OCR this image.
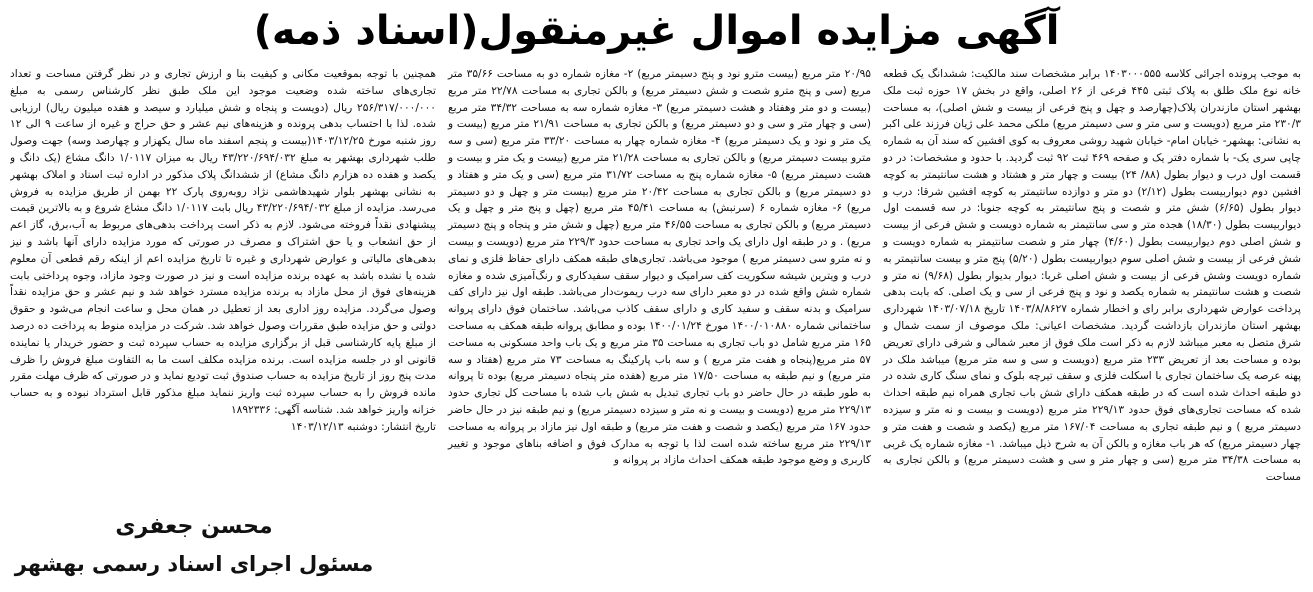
آگهی مزایده اموال غیرمنقول(اسناد ذمه)

به موجب پرونده اجرائی کلاسه ۱۴۰۳۰۰۰۵۵۵ برابر مشخصات سند مالکیت: ششدانگ یک قطعه خانه نوع ملک طلق به پلاک ثبتی ۴۴۵ فرعی از ۲۶ اصلی، واقع در بخش ۱۷ حوزه ثبت ملک بهشهر استان مازندران پلاک(چهارصد و چهل و پنج فرعی از بیست و شش اصلی)، به مساحت ۲۳۰/۳ متر مربع (دویست و سی متر و سی دسیمتر مربع) ملکی محمد علی ژیان فرزند علی اکبر به نشانی: بهشهر- خیابان امام- خیابان شهید روشی معروف به کوی افشین که سند آن به شماره چاپی سری یک- با شماره دفتر یک و صفحه ۴۶۹ ثبت ۹۲ ثبت گردید. با حدود و مشخصات: در دو قسمت اول درب و دیوار بطول (۸۸/ ۲۴) بیست و چهار متر و هشتاد و هشت سانتیمتر به کوچه افشین دوم دیواربیست بطول (۲/۱۲) دو متر و دوازده سانتیمتر به کوچه افشین شرقا: درب و دیوار بطول (۶/۶۵) شش متر و شصت و پنج سانتیمتر به کوچه جنوبا: در سه قسمت اول دیواربیست بطول (۱۸/۳۰) هجده متر و سی سانتیمتر به شماره دویست و شش فرعی از بیست و شش اصلی دوم دیواربیست بطول (۴/۶۰) چهار متر و شصت سانتیمتر به شماره دویست و شش فرعی از بیست و شش اصلی سوم دیواربیست بطول (۵/۲۰) پنج متر و بیست سانتیمتر به شماره دویست وشش فرعی از بیست و شش اصلی غربا: دیوار بدیوار بطول (۹/۶۸) نه متر و شصت و هشت سانتیمتر به شماره یکصد و نود و پنج فرعی از سی و یک اصلی. که بابت بدهی پرداخت عوارض شهرداری برابر رای و اخطار شماره ۱۴۰۳/۸/۸۶۲۷ تاریخ ۱۴۰۳/۰۷/۱۸ شهرداری بهشهر استان مازندران بازداشت گردید. مشخصات اعیانی: ملک موصوف از سمت شمال و شرق متصل به معبر میباشد لازم به ذکر است ملک فوق از معبر شمالی و شرقی دارای تعریض بوده و مساحت بعد از تعریض ۲۳۳ متر مربع (دویست و سی و سه متر مربع) میباشد ملک در پهنه عرصه یک ساختمان تجاری با اسکلت فلزی و سقف تیرچه بلوک و نمای سنگ کاری شده در دو طبقه احداث شده است که در طبقه همکف دارای شش باب تجاری همراه نیم طبقه احداث شده که مساحت تجاری‌های فوق حدود ۲۲۹/۱۳ متر مربع (دویست و بیست و نه متر و سیزده دسیمتر مربع ) و نیم طبقه تجاری به مساحت ۱۶۷/۰۴ متر مربع (یکصد و شصت و هفت متر و چهار دسیمتر مربع) که هر باب مغازه و بالکن آن به شرح ذیل میباشد. ۱- مغازه شماره یک غربی به مساحت ۳۴/۳۸ متر مربع (سی و چهار متر و سی و هشت دسیمتر مربع) و بالکن تجاری به مساحت

۲۰/۹۵ متر مربع (بیست مترو نود و پنج دسیمتر مربع) ۲- مغازه شماره دو به مساحت ۳۵/۶۶ متر مربع (سی و پنج مترو شصت و شش دسیمتر مربع) و بالکن تجاری به مساحت ۲۲/۷۸ متر مربع (بیست و دو متر وهفتاد و هشت دسیمتر مربع) ۳- مغازه شماره سه به مساحت ۳۴/۳۲ متر مربع (سی و چهار متر و سی و دو دسیمتر مربع) و بالکن تجاری به مساحت ۲۱/۹۱ متر مربع (بیست و یک متر و نود و یک دسیمتر مربع) ۴- مغازه شماره چهار به مساحت ۳۳/۲۰ متر مربع (سی و سه مترو بیست دسیمتر مربع) و بالکن تجاری به مساحت ۲۱/۲۸ متر مربع (بیست و یک متر و بیست و هشت دسیمتر مربع) ۵- مغازه شماره پنج به مساحت ۳۱/۷۲ متر مربع (سی و یک متر و هفتاد و دو دسیمتر مربع) و بالکن تجاری به مساحت ۲۰/۴۲ متر مربع (بیست متر و چهل و دو دسیمتر مربع) ۶- مغازه شماره ۶ (سرنبش) به مساحت ۴۵/۴۱ متر مربع (چهل و پنج متر و چهل و یک دسیمتر مربع) و بالکن تجاری به مساحت ۴۶/۵۵ متر مربع (چهل و شش متر و پنجاه و پنج دسیمتر مربع) . و در طبقه اول دارای یک واحد تجاری به مساحت حدود ۲۲۹/۳ متر مربع (دویست و بیست و نه مترو سی دسیمتر مربع ) موجود می‌باشد. تجاری‌های طبقه همکف دارای حفاظ فلزی و نمای درب و ویترین شیشه سکوریت کف سرامیک و دیوار سقف سفیدکاری و رنگ‌آمیزی شده و مغازه شماره شش واقع شده در دو معبر دارای سه درب ریموت‌دار می‌باشد. طبقه اول نیز دارای کف سرامیک و بدنه سقف و سفید کاری و دارای سقف کاذب می‌باشد. ساختمان فوق دارای پروانه ساختمانی شماره ۱۴۰۰/۰۱۰۸۸۰ مورخ ۱۴۰۰/۰۱/۲۴ بوده و مطابق پروانه طبقه همکف به مساحت ۱۶۵ متر مربع شامل دو باب تجاری به مساحت ۳۵ متر مربع و یک باب واحد مسکونی به مساحت ۵۷ متر مربع(پنجاه و هفت متر مربع ) و سه باب پارکینگ به مساحت ۷۳ متر مربع (هفتاد و سه متر مربع) و نیم طبقه به مساحت ۱۷/۵۰ متر مربع (هفده متر پنجاه دسیمتر مربع) بوده تا پروانه به طور طبقه در حال حاضر دو باب تجاری تبدیل به شش باب شده با مساحت کل تجاری حدود ۲۲۹/۱۳ متر مربع (دویست و بیست و نه متر و سیزده دسیمتر مربع) و نیم طبقه نیز در حال حاضر حدود ۱۶۷ متر مربع (یکصد و شصت و هفت متر مربع) و طبقه اول نیز مازاد بر پروانه به مساحت ۲۲۹/۱۳ متر مربع ساخته شده است لذا با توجه به مدارک فوق و اضافه بناهای موجود و تغییر کاربری و وضع موجود طبقه همکف احداث مازاد بر پروانه و

همچنین با توجه بموقعیت مکانی و کیفیت بنا و ارزش تجاری و در نظر گرفتن مساحت و تعداد تجاری‌های ساخته شده وضعیت موجود این ملک طبق نظر کارشناس رسمی به مبلغ ۲۵۶/۳۱۷/۰۰۰/۰۰۰ ریال (دویست و پنجاه و شش میلیارد و سیصد و هفده میلیون ریال) ارزیابی شده. لذا با احتساب بدهی پرونده و هزینه‌های نیم عشر و حق حراج و غیره از ساعت ۹ الی ۱۲ روز شنبه مورخ ۱۴۰۳/۱۲/۲۵(بیست و پنجم اسفند ماه سال یکهزار و چهارصد وسه) جهت وصول طلب شهرداری بهشهر به مبلغ ۴۳/۲۲۰/۶۹۴/۰۳۲ ریال به میزان ۱/۰۱۱۷ دانگ مشاع (یک دانگ و یکصد و هفده ده هزارم دانگ مشاع) از ششدانگ پلاک مذکور در اداره ثبت اسناد و املاک بهشهر به نشانی بهشهر بلوار شهیدهاشمی نژاد روبه‌روی پارک ۲۲ بهمن از طریق مزایده به فروش می‌رسد. مزایده از مبلغ ۴۳/۲۲۰/۶۹۴/۰۳۲ ریال بابت ۱/۰۱۱۷ دانگ مشاع شروع و به بالاترین قیمت پیشنهادی نقداً فروخته می‌شود. لازم به ذکر است پرداخت بدهی‌های مربوط به آب،برق، گاز اعم از حق انشعاب و یا حق اشتراک و مصرف در صورتی که مورد مزایده دارای آنها باشد و نیز بدهی‌های مالیاتی و عوارض شهرداری و غیره تا تاریخ مزایده اعم از اینکه رقم قطعی آن معلوم شده یا نشده باشد به عهده برنده مزایده است و نیز در صورت وجود مازاد، وجوه پرداختی بابت هزینه‌های فوق از محل مازاد به برنده مزایده مسترد خواهد شد و نیم عشر و حق مزایده نقداً وصول می‌گردد. مزایده روز اداری بعد از تعطیل در همان محل و ساعت انجام می‌شود و حقوق دولتی و حق مزایده طبق مقررات وصول خواهد شد. شرکت در مزایده منوط به پرداخت ده درصد از مبلغ پایه کارشناسی قبل از برگزاری مزایده به حساب سپرده ثبت و حضور خریدار یا نماینده قانونی او در جلسه مزایده است. برنده مزایده مکلف است ما به التفاوت مبلغ فروش را ظرف مدت پنج روز از تاریخ مزایده به حساب صندوق ثبت تودیع نماید و در صورتی که ظرف مهلت مقرر مانده فروش را به حساب سپرده ثبت واریز ننماید مبلغ مذکور قابل استرداد نبوده و به حساب خزانه واریز خواهد شد. شناسه آگهی: ۱۸۹۲۳۳۶

تاریخ انتشار: دوشنبه ۱۴۰۳/۱۲/۱۳

محسن جعفری

مسئول اجرای اسناد رسمی بهشهر
